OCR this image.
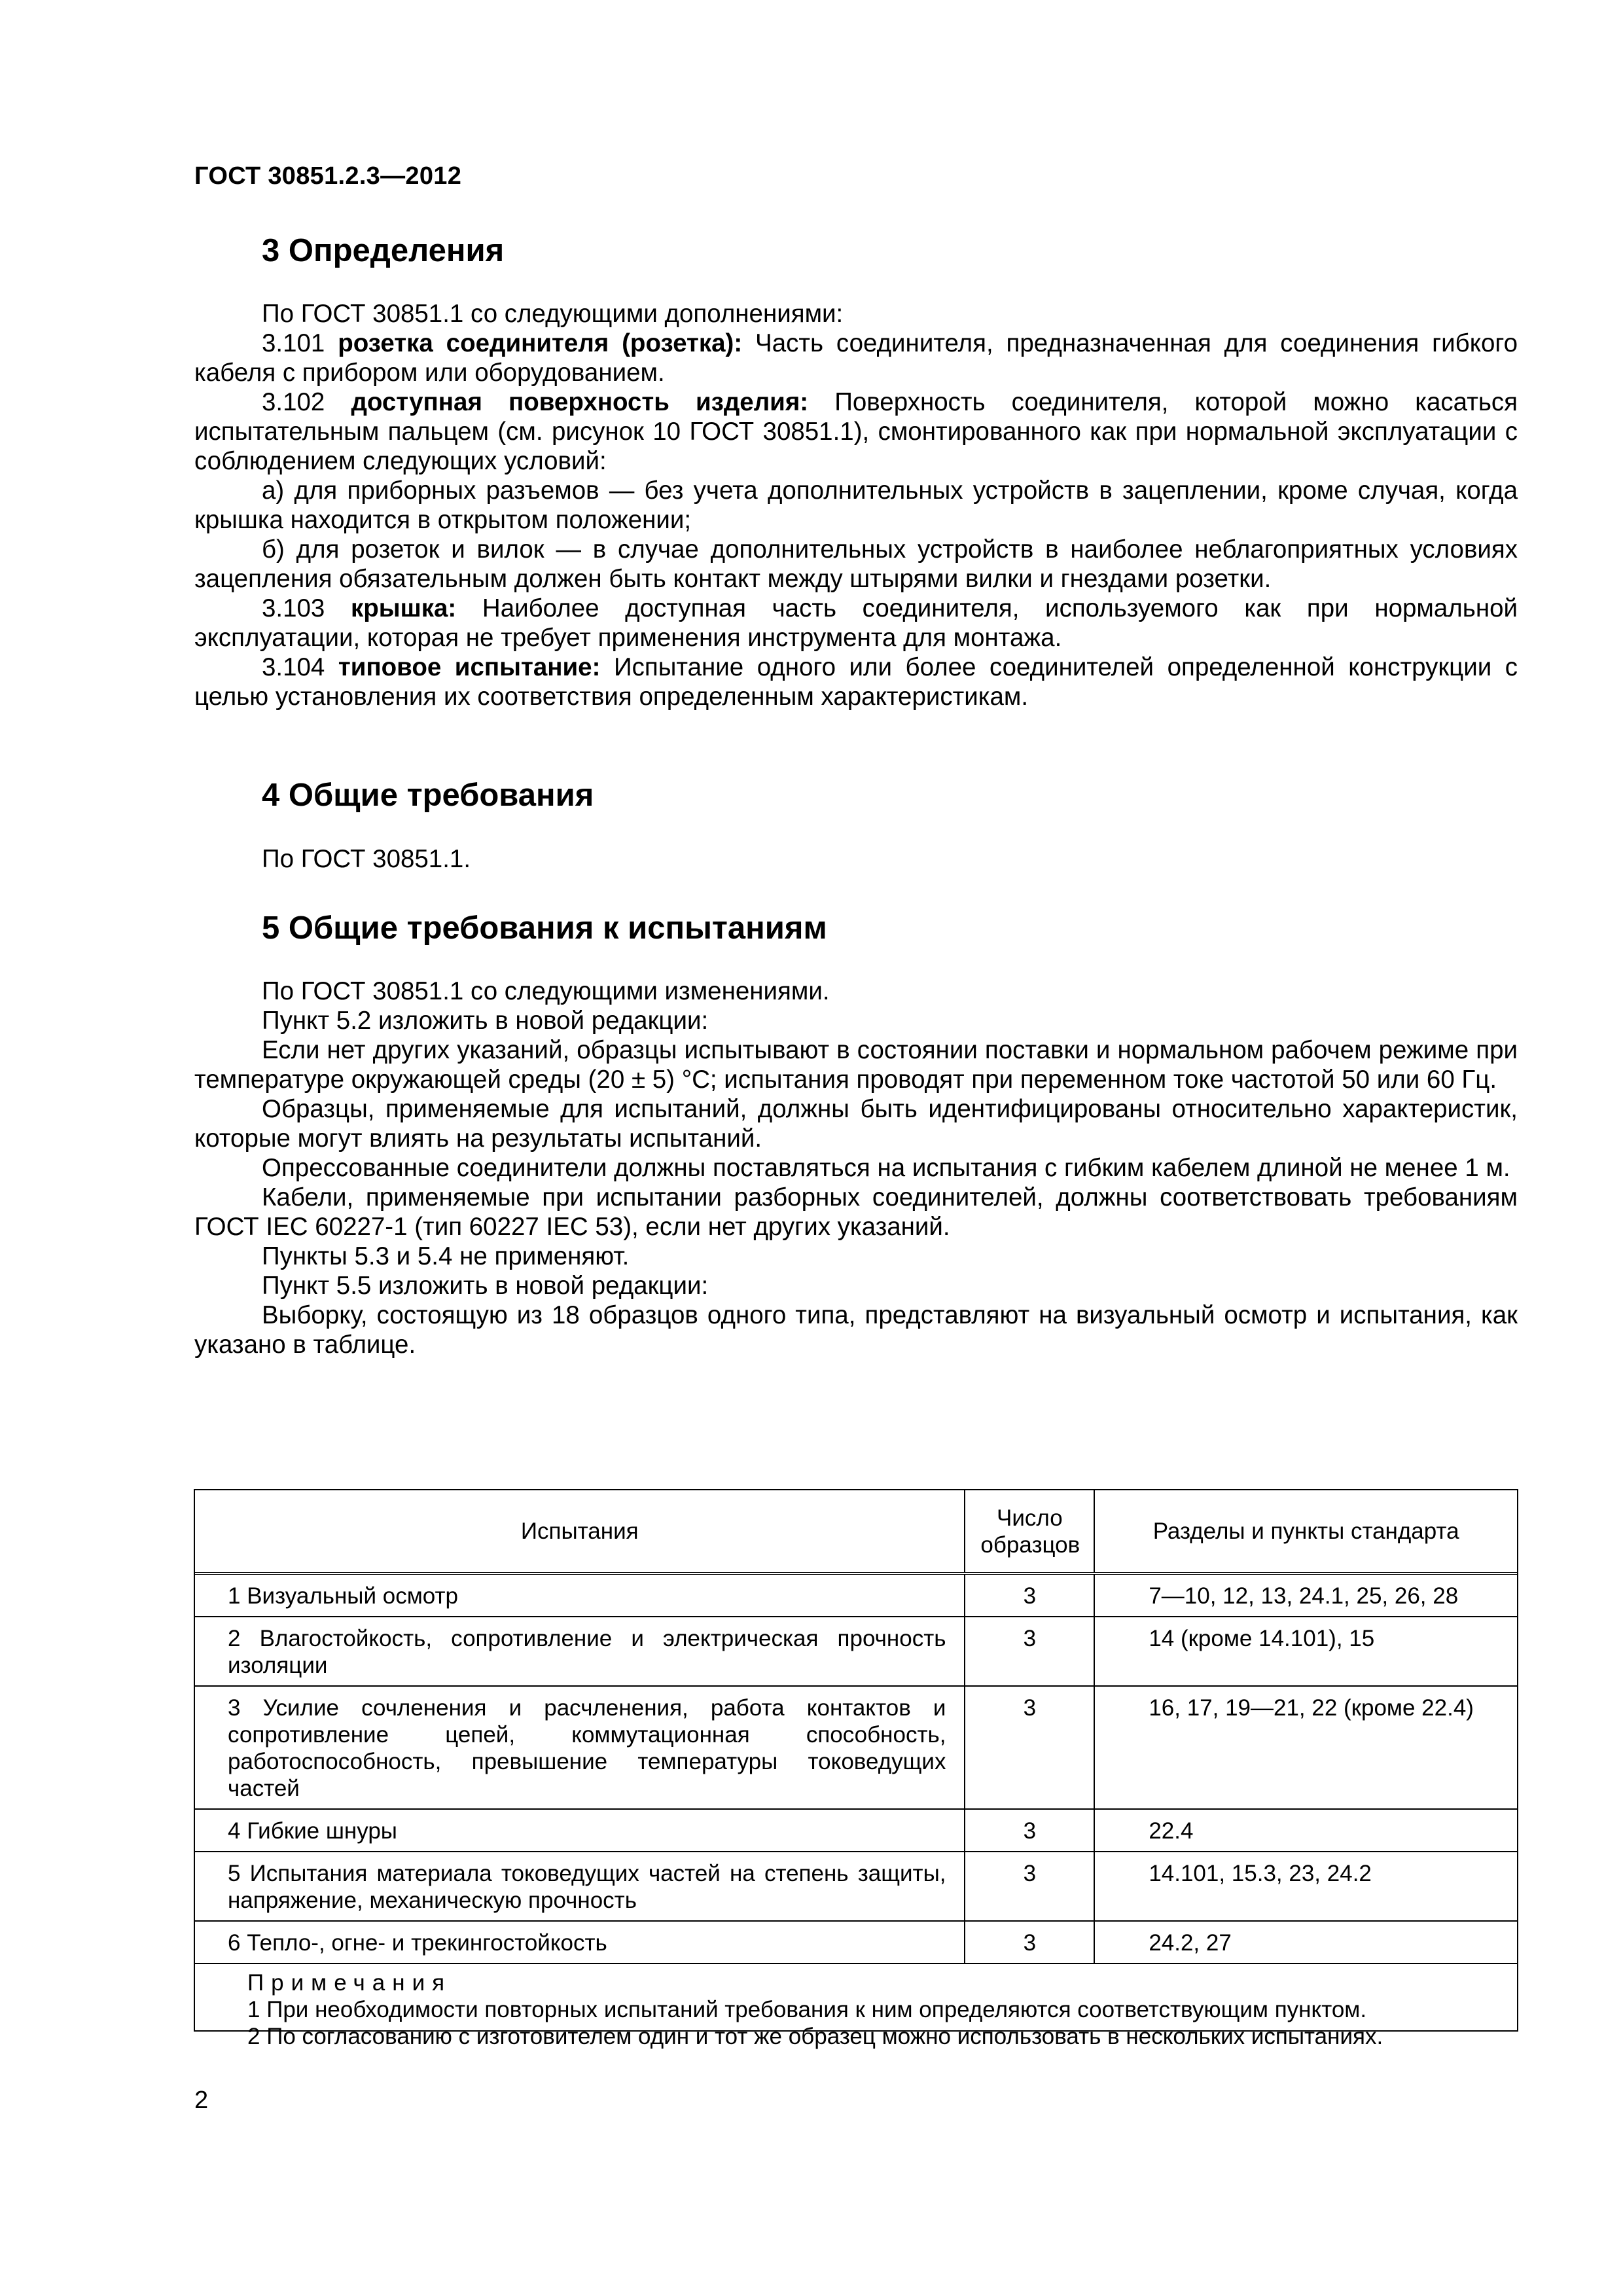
ГОСТ 30851.2.3—2012
3 Определения

По ГОСТ 30851.1 со следующими дополнениями:

3.101 розетка соединителя (розетка): Часть соединителя, предназначенная для соединения гибкого кабеля с прибором или оборудованием.

3.102 доступная поверхность изделия: Поверхность соединителя, которой можно касаться испытательным пальцем (см. рисунок 10 ГОСТ 30851.1), смонтированного как при нормальной эксплуатации с соблюдением следующих условий:

а) для приборных разъемов — без учета дополнительных устройств в зацеплении, кроме случая, когда крышка находится в открытом положении;

б) для розеток и вилок — в случае дополнительных устройств в наиболее неблагоприятных условиях зацепления обязательным должен быть контакт между штырями вилки и гнездами розетки.

3.103 крышка: Наиболее доступная часть соединителя, используемого как при нормальной эксплуатации, которая не требует применения инструмента для монтажа.

3.104 типовое испытание: Испытание одного или более соединителей определенной конструкции с целью установления их соответствия определенным характеристикам.

4 Общие требования

По ГОСТ 30851.1.

5 Общие требования к испытаниям

По ГОСТ 30851.1 со следующими изменениями.

Пункт 5.2 изложить в новой редакции:

Если нет других указаний, образцы испытывают в состоянии поставки и нормальном рабочем режиме при температуре окружающей среды (20 ± 5) °С; испытания проводят при переменном токе частотой 50 или 60 Гц.

Образцы, применяемые для испытаний, должны быть идентифицированы относительно характеристик, которые могут влиять на результаты испытаний.

Опрессованные соединители должны поставляться на испытания с гибким кабелем длиной не менее 1 м.

Кабели, применяемые при испытании разборных соединителей, должны соответствовать требованиям ГОСТ IEC 60227-1 (тип 60227 IEC 53), если нет других указаний.

Пункты 5.3 и 5.4 не применяют.

Пункт 5.5 изложить в новой редакции:

Выборку, состоящую из 18 образцов одного типа, представляют на визуальный осмотр и испытания, как указано в таблице.

Испытания	Число образцов	Разделы и пункты стандарта

1 Визуальный осмотр	3	7—10, 12, 13, 24.1, 25, 26, 28

2 Влагостойкость, сопротивление и электрическая прочность изоляции	3	14 (кроме 14.101), 15

3 Усилие сочленения и расчленения, работа контактов и сопротивление цепей, коммутационная способность, работоспособность, превышение температуры токоведущих частей	3	16, 17, 19—21, 22 (кроме 22.4)

4 Гибкие шнуры	3	22.4

5 Испытания материала токоведущих частей на степень защиты, напряжение, механическую прочность	3	14.101, 15.3, 23, 24.2

6 Тепло-, огне- и трекингостойкость	3	24.2, 27

Примечания

1 При необходимости повторных испытаний требования к ним определяются соответствующим пунктом.

2 По согласованию с изготовителем один и тот же образец можно использовать в нескольких испытаниях.		

2
